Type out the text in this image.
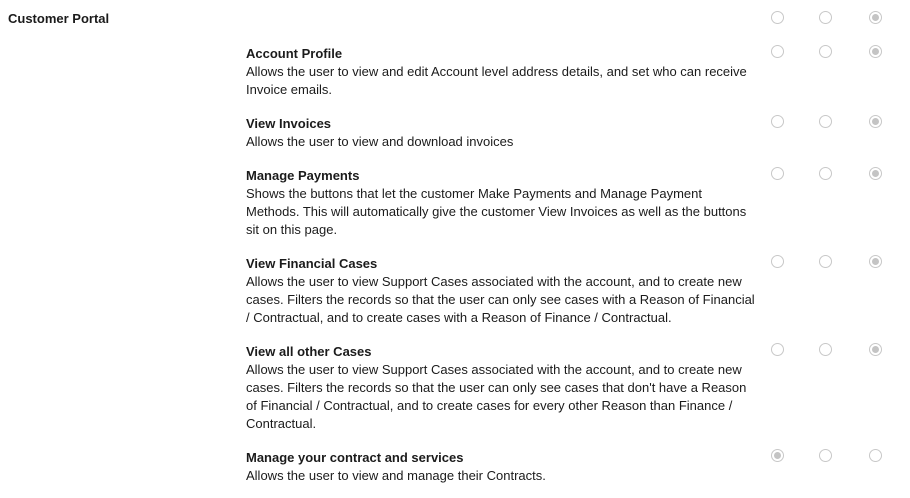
Customer Portal

Account Profile

Allows the user to view and edit Account level address details, and set who can receive Invoice emails.

View Invoices

Allows the user to view and download invoices

Manage Payments

Shows the buttons that let the customer Make Payments and Manage Payment Methods. This will automatically give the customer View Invoices as well as the buttons sit on this page.

View Financial Cases

Allows the user to view Support Cases associated with the account, and to create new cases. Filters the records so that the user can only see cases with a Reason of Financial / Contractual, and to create cases with a Reason of Finance / Contractual.

View all other Cases

Allows the user to view Support Cases associated with the account, and to create new cases. Filters the records so that the user can only see cases that don't have a Reason of Financial / Contractual, and to create cases for every other Reason than Finance / Contractual.

Manage your contract and services

Allows the user to view and manage their Contracts.
